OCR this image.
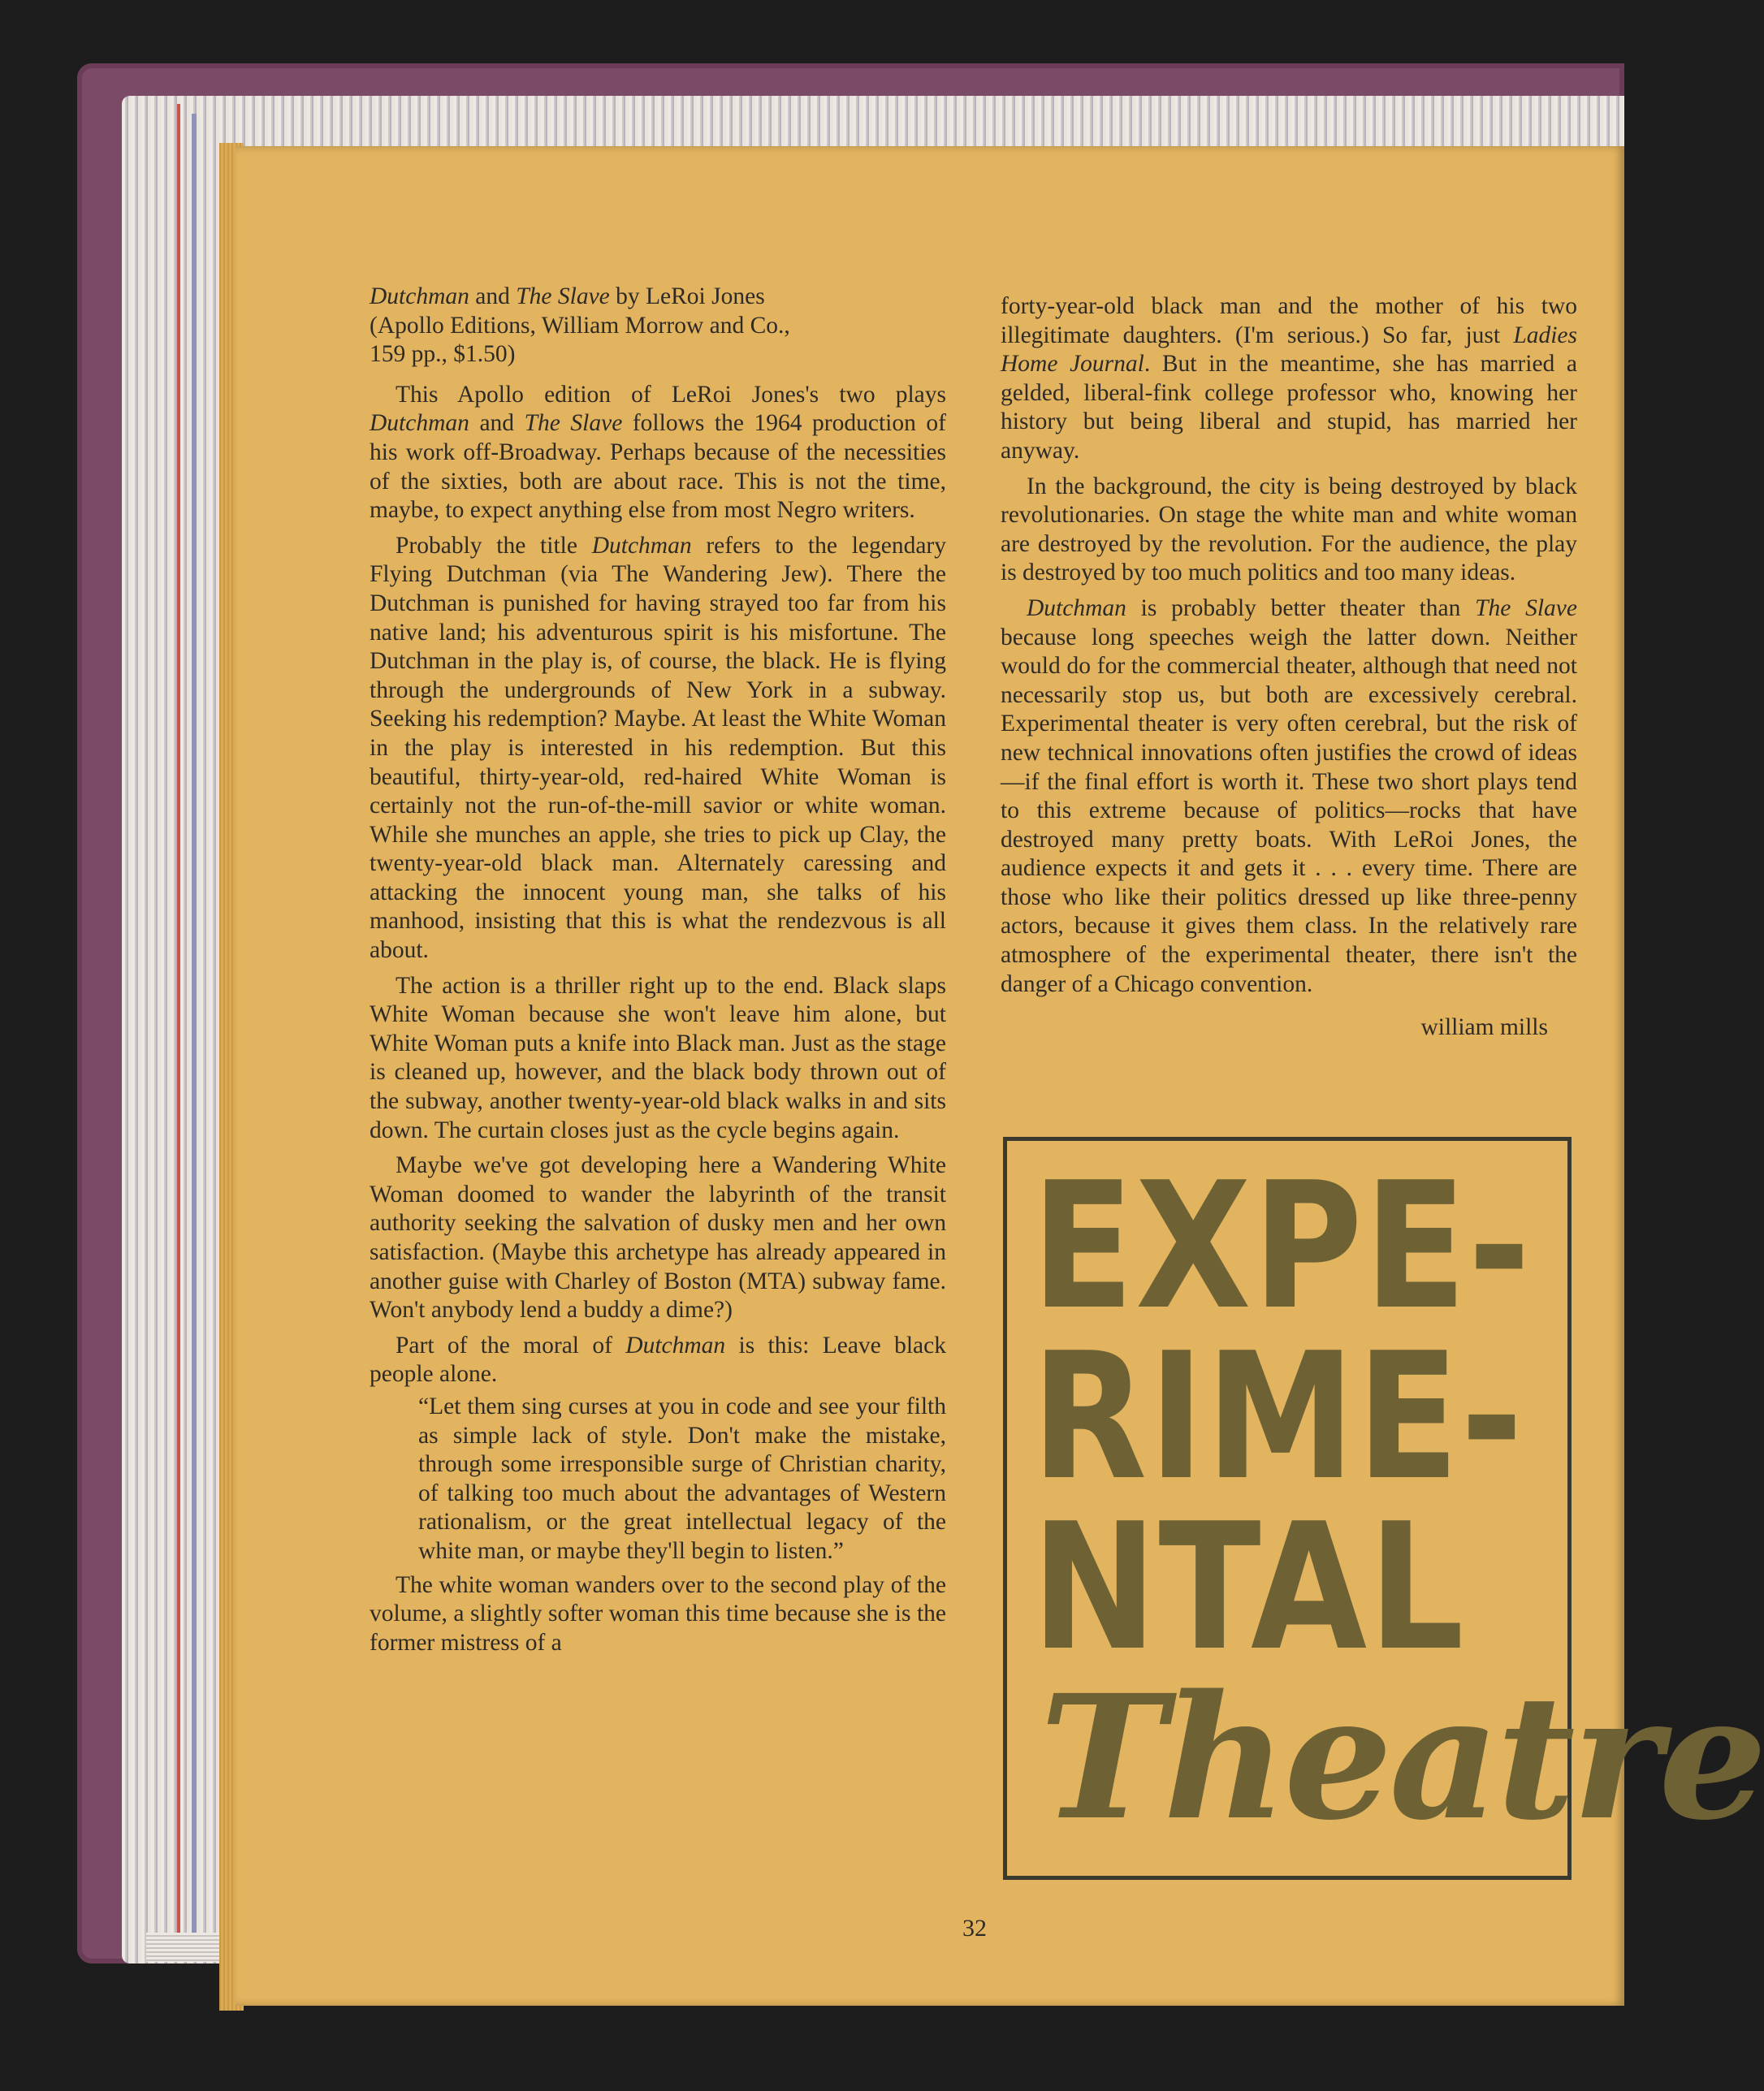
Dutchman and The Slave by LeRoi Jones
(Apollo Editions, William Morrow and Co.,
159 pp., $1.50)

This Apollo edition of LeRoi Jones's two plays Dutchman and The Slave follows the 1964 production of his work off-Broadway. Perhaps because of the necessities of the sixties, both are about race. This is not the time, maybe, to expect anything else from most Negro writers.

Probably the title Dutchman refers to the legendary Flying Dutchman (via The Wandering Jew). There the Dutchman is punished for having strayed too far from his native land; his adventurous spirit is his misfortune. The Dutchman in the play is, of course, the black. He is flying through the undergrounds of New York in a subway. Seeking his redemption? Maybe. At least the White Woman in the play is interested in his redemption. But this beautiful, thirty-year-old, red-haired White Woman is certainly not the run-of-the-mill savior or white woman. While she munches an apple, she tries to pick up Clay, the twenty-year-old black man. Alternately caressing and attacking the innocent young man, she talks of his manhood, insisting that this is what the rendezvous is all about.

The action is a thriller right up to the end. Black slaps White Woman because she won't leave him alone, but White Woman puts a knife into Black man. Just as the stage is cleaned up, however, and the black body thrown out of the subway, another twenty-year-old black walks in and sits down. The curtain closes just as the cycle begins again.

Maybe we've got developing here a Wandering White Woman doomed to wander the labyrinth of the transit authority seeking the salvation of dusky men and her own satisfaction. (Maybe this archetype has already appeared in another guise with Charley of Boston (MTA) subway fame. Won't anybody lend a buddy a dime?)

Part of the moral of Dutchman is this: Leave black people alone.

“Let them sing curses at you in code and see your filth as simple lack of style. Don't make the mistake, through some irresponsible surge of Christian charity, of talking too much about the advantages of Western rationalism, or the great intellectual legacy of the white man, or maybe they'll begin to listen.”

The white woman wanders over to the second play of the volume, a slightly softer woman this time because she is the former mistress of a

forty-year-old black man and the mother of his two illegitimate daughters. (I'm serious.) So far, just Ladies Home Journal. But in the meantime, she has married a gelded, liberal-fink college professor who, knowing her history but being liberal and stupid, has married her anyway.

In the background, the city is being destroyed by black revolutionaries. On stage the white man and white woman are destroyed by the revolution. For the audience, the play is destroyed by too much politics and too many ideas.

Dutchman is probably better theater than The Slave because long speeches weigh the latter down. Neither would do for the commercial theater, although that need not necessarily stop us, but both are excessively cerebral. Experimental theater is very often cerebral, but the risk of new technical innovations often justifies the crowd of ideas—if the final effort is worth it. These two short plays tend to this extreme because of politics—rocks that have destroyed many pretty boats. With LeRoi Jones, the audience expects it and gets it . . . every time. There are those who like their politics dressed up like three-penny actors, because it gives them class. In the relatively rare atmosphere of the experimental theater, there isn't the danger of a Chicago convention.

william mills

EXPE-
RIME-
NTAL
Theatre
32
